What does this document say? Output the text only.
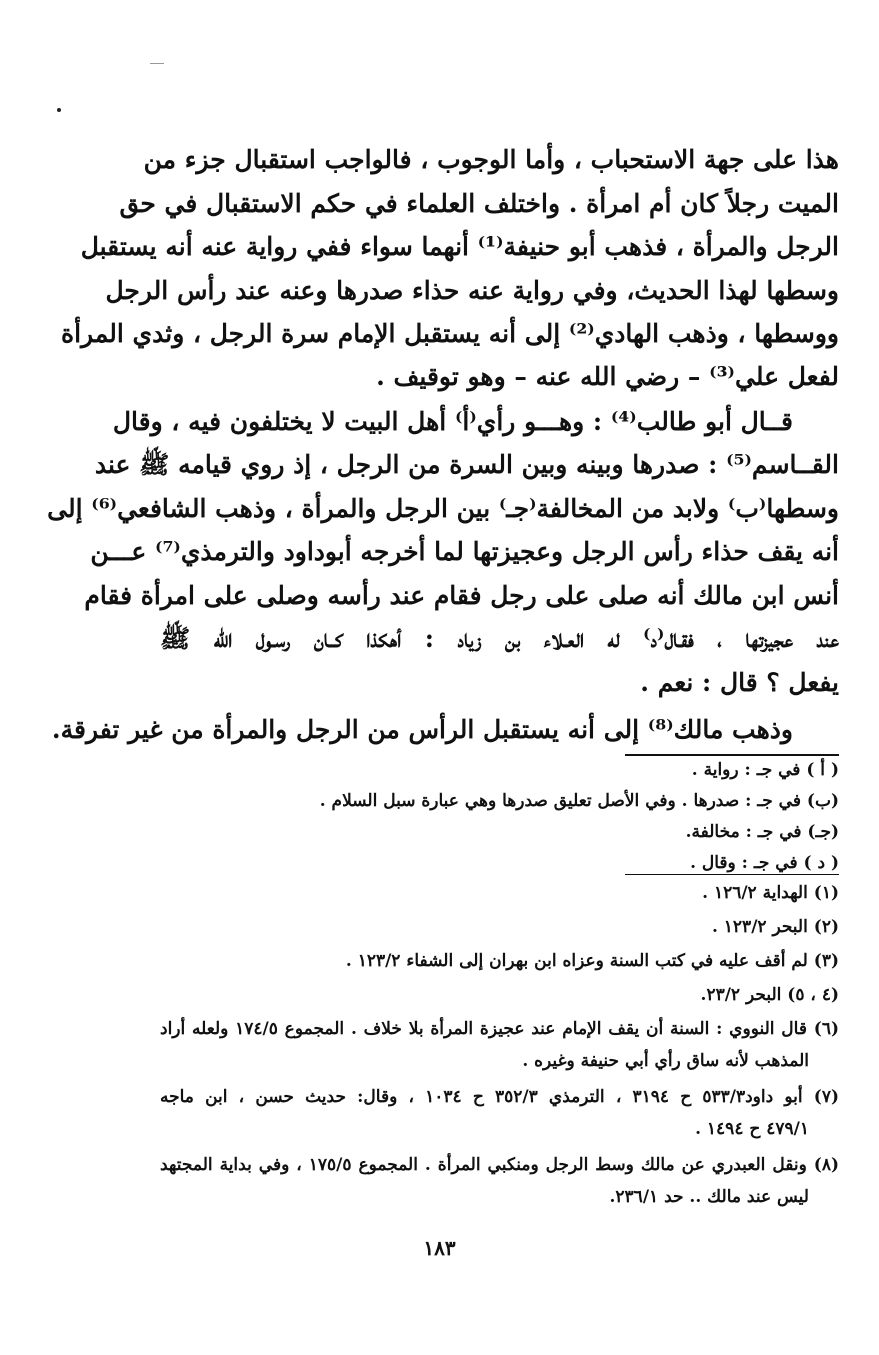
هذا على جهة الاستحباب ، وأما الوجوب ، فالواجب استقبال جزء من
الميت رجلاً كان أم امرأة . واختلف العلماء في حكم الاستقبال في حق
الرجل والمرأة ، فذهب أبو حنيفة⁽¹⁾ أنهما سواء ففي رواية عنه أنه يستقبل
وسطها لهذا الحديث، وفي رواية عنه حذاء صدرها وعنه عند رأس الرجل
ووسطها ، وذهب الهادي⁽²⁾ إلى أنه يستقبل الإمام سرة الرجل ، وثدي المرأة
لفعل علي⁽³⁾ – رضي الله عنه – وهو توقيف .
قــال أبو طالب⁽⁴⁾ : وهـــو رأي⁽أ⁾ أهل البيت لا يختلفون فيه ، وقال
القــاسم⁽⁵⁾ : صدرها وبينه وبين السرة من الرجل ، إذ روي قيامه ﷺ عند
وسطها⁽ب⁾ ولابد من المخالفة⁽جـ⁾ بين الرجل والمرأة ، وذهب الشافعي⁽⁶⁾ إلى
أنه يقف حذاء رأس الرجل وعجيزتها لما أخرجه أبوداود والترمذي⁽⁷⁾ عـــن
أنس ابن مالك أنه صلى على رجل فقام عند رأسه وصلى على امرأة فقام
عند عجيزتها ، فقـال⁽د⁾ له العـلاء بن زياد : أهكذا كــان رسـول الله ﷺ
يفعل ؟ قال : نعم .
وذهب مالك⁽⁸⁾ إلى أنه يستقبل الرأس من الرجل والمرأة من غير تفرقة.
( أ ) في جـ : رواية .
(ب) في جـ : صدرها . وفي الأصل تعليق صدرها وهي عبارة سبل السلام .
(جـ) في جـ : مخالفة.
( د ) في جـ : وقال .
(١) الهداية ١٢٦/٢ .
(٢) البحر ١٢٣/٢ .
(٣) لم أقف عليه في كتب السنة وعزاه ابن بهران إلى الشفاء ١٢٣/٢ .
(٤ ، ٥) البحر ٢٣/٢.
(٦) قال النووي : السنة أن يقف الإمام عند عجيزة المرأة بلا خلاف . المجموع ١٧٤/٥ ولعله أراد
المذهب لأنه ساق رأي أبي حنيفة وغيره .
(٧) أبو داود٥٣٣/٣ ح ٣١٩٤ ، الترمذي ٣٥٢/٣ ح ١٠٣٤ ، وقال: حديث حسن ، ابن ماجه
٤٧٩/١ ح ١٤٩٤ .
(٨) ونقل العبدري عن مالك وسط الرجل ومنكبي المرأة . المجموع ١٧٥/٥ ، وفي بداية المجتهد
ليس عند مالك .. حد ٢٣٦/١.
١٨٣
